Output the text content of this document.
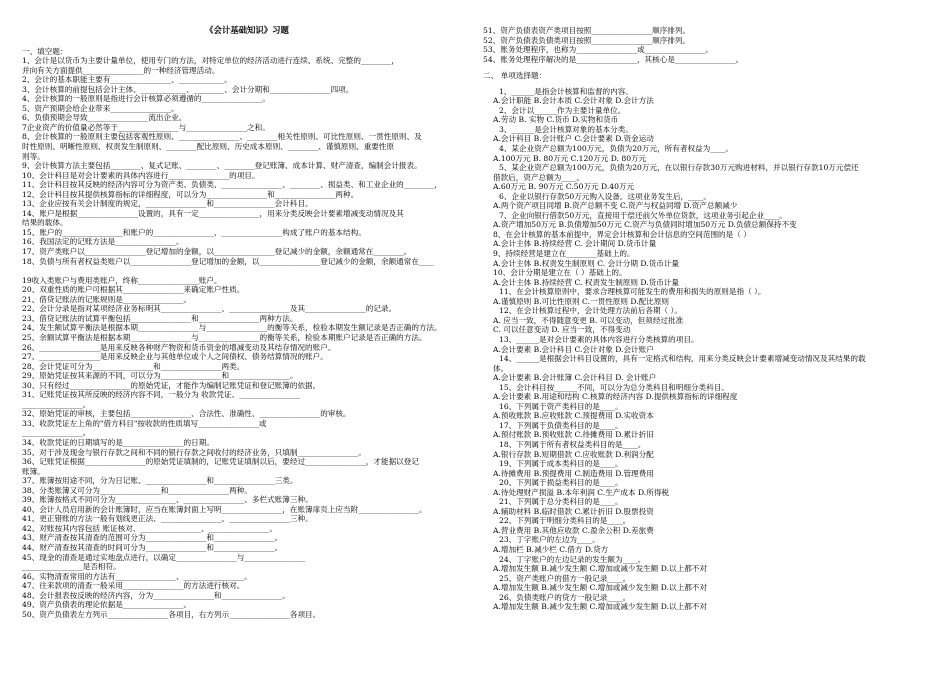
《会计基础知识》习题
一、填空题：
1、会计是以货币为主要计量单位，使用专门的方法，对特定单位的经济活动进行连续、系统、完整的________，
并向有关方面提供________________的一种经济管理活动。
2、会计的基本职能主要有________________、____________。
3、会计核算的前提包括会计主体、____________、________、会计分期和________________四项。
4、会计核算的一般原则是指进行会计核算必须遵循的________________。
5、资产预期会给企业带来________________。
6、负债预期会导致________________流出企业。
7企业资产的价值量必然等于________________与________________之和。
8、会计核算的一般原则主要包括客观性原则、________________、________相关性原则、可比性原则、一贯性原则、及
时性原则、明晰性原则、权责发生制原则、________配比原则、历史成本原则、________、谨慎原则、重要性原
则等。
9、会计核算方法主要包括________、复式记账、________、________登记账簿、成本计算、财产清查，编制会计报表。
10、会计科目是对会计要素的具体内容进行________________的项目。
11、会计科目按其反映的经济内容可分为资产类、负债类、________________、________、损益类、和工业企业的________，
12、会计科目按其提供核算指标的详细程度，可以分为________________和________________两种。
13、企业应按有关会计制度的规定，________________和________________会计科目。
14、账户是根据________________设置的，具有一定________________，用来分类反映会计要素增减变动情况及其
结果的载体。
15、账户的________________和账户的________________、________________构成了账户的基本结构。
16、我国法定的记账方法是________________。
17、资产类账户以________________登记增加的金额，以________________登记减少的金额，余额通常在________。
18、负债与所有者权益类账户以________________登记增加的金额，以________________登记减少的金额，余额通常在____

19收入类账户与费用类账户，终称________________账户。
20、双重性质的账户可根据其________________来确定账户性质。
21、借贷记账法的记账规则是________________。
22、会计分录是指对某项经济业务标明其________________、________________及其________________的记录。
23、借贷记账法的试算平衡包括________________和________________两种方法。
24、发生额试算平衡法是根据本期________________与________________的衡等关系，检验本期发生额记录是否正确的方法。
25、余额试算平衡法是根据本期________________与________________的衡等关系，检验本期账户记录是否正确的方法。
26、________________是用来反映各种财产物资和货币资金的增减变动及其结存情况的账户。
27、________________是用来反映企业与其他单位或个人之间债权、债务结算情况的账户。
28、会计凭证可分为________________和________________两类。
29、原始凭证按其来源的不同，可以分为________________和________________。
30、只有经过________________的原始凭证，才能作为编制记账凭证和登记账簿的依据。
31、记账凭证按其所反映的经济内容不同，一般分为 收款凭证、________________
________________。
32、原始凭证的审核，主要包括________________、合法性、准确性、________________的审核。
33、收款凭证左上角的"借方科目"按收款的性质填写________________或
________________。
34、收款凭证的日期填写的是________________的日期。
35、对于涉及现金与银行存款之间和不同的银行存款之间收付的经济业务，只填制________________。
36、记账凭证根据________________的原始凭证填制的，记账凭证填制以后，要经过________________，才能据以登记
账簿。
37、账簿按用途不同，分为日记账、________________和________________三类。
38、分类账簿又可分为________________和________________两种。
39、账簿按格式不同可分为________________、________________、多栏式账簿三种。
40、会计人员启用新的会计账簿时，应当在账簿封面上写明________________，在账簿扉页上应当附________________。
41、更正错账的方法一般有划线更正法、________________、________________三种。
42、对账按其内容包括 账证核对、________________、________________。
43、财产清查按其清查的范围可分为________________和________________。
44、财产清查按其清查的时间可分为________________和________________。
45、现金的清查是通过实地盘点进行，以确定________________与________________
________________是否相符。
46、实物清查常用的方法有________________、________________。
47、往来款项的清查一般采用________________的方法进行核对。
48、会计报表按反映的经济内容，分为________________和________________。
49、资产负债表的理论依据是________________。
50、资产负债表左方列示________________各项目，右方列示________________各项目。
51、资产负债表资产类项目按照________________顺序排列。
52、资产负债表负债类项目按照________________顺序排列。
53、账务处理程序，也称为________________或________________。
54、账务处理程序解决的是________________，其核心是________________。
二、 单项选择题：
1、______是指会计核算和监督的内容。
A.会计职能 B.会计本质 C.会计对象 D.会计方法
2、会计以______作为主要计量单位。
A.劳动 B. 实物 C.货币 D.实物和货币
3、______是会计核算对象的基本分类。
A.会计科目 B.会计账户 C.会计要素 D.资金运动
4、某企业资产总额为100万元，负债为20万元，所有者权益为____。
A.100万元 B. 80万元 C.120万元 D. 80万元
5、某企业资产总额为100万元，负债为20万元，在以银行存款30万元购进材料，并以银行存款10万元偿还
借款后，资产总额为____。
A.60万元 B. 90万元 C.50万元 D.40万元
6、企业以银行存款50万元购入设备。这项业务发生后，____。
A.两个资产项目同增 B.资产总额不变 C.资产与权益同增 D.资产总额减少
7、企业向银行借款50万元，直接用于偿还前欠外单位货款，这项业务引起企业____。
A.资产增加50万元 B.负债增加50万元 C.资产与负债同时增加50万元 D.负债总额保持不变
8、在会计核算的基本前提中，界定会计核算和会计信息的空间范围的是（ ）
A.会计主体 B.持续经营 C. 会计期间 D.货币计量
9、持续经营是建立在________基础上的。
A.会计主体 B.权责发生制原则 C. 会计分期 D.货币计量
10、会计分期是建立在（ ）基础上的。
A.会计主体 B.持续经营 C. 权责发生制原则 D.货币计量
11、在会计核算原则中，要求合理核算可能发生的费用和损失的原则是指（ ）。
A.谨慎原则 B.可比性原则 C.一贯性原则 D.配比原则
12、在会计核算过程中，会计处理方法前后各期（ ）。
A. 应当一致，不得随意变更 B. 可以变动，但须经过批准
C. 可以任意变动 D. 应当一致，不得变动
13、______是对会计要素的具体内容进行分类核算的项目。
A.会计要素 B.会计科目 C.会计对象 D.会计账户
14、______是根据会计科目设置的，具有一定格式和结构，用来分类反映会计要素增减变动情况及其结果的载
体。
A.会计要素 B.会计账簿 C.会计科目 D. 会计账户
15、会计科目按______不同，可以分为总分类科目和明细分类科目。
A.会计要素 B.用途和结构 C.核算的经济内容 D.提供核算指标的详细程度
16、下列属于资产类科目的是____。
A.预收账款 B.应收账款 C.预提费用 D.实收资本
17、下列属于负债类科目的是____。
A.预付账款 B.预收账款 C.待摊费用 D.累计折旧
18、下列属于所有者权益类科目的是____。
A.银行存款 B.短期借款 C.应收账款 D.利润分配
19、下列属于成本类科目的是____。
A.待摊费用 B.预提费用 C.制造费用 D.管理费用
20、下列属于损益类科目的是____。
A.待处理财产损溢 B.本年利润 C.生产成本 D.所得税
21、下列属于总分类科目的是____。
A.辅助材料 B.临时借款 C.累计折旧 D.股票投资
22、下列属于明细分类科目的是____。
A.营业费用 B.其他应收款 C.盈余公积 D.差旅费
23、丁字账户的左边为____。
A.增加栏 B.减少栏 C.借方 D.贷方
24、丁字账户的左边记录的发生额为____。
A.增加发生额 B.减少发生额 C.增加或减少发生额 D.以上都不对
25、资产类账户的借方一般记录____。
A.增加发生额 B.减少发生额 C.增加或减少发生额 D.以上都不对
26、负债类账户的贷方一般记录____。
A.增加发生额 B.减少发生额 C.增加或减少发生额 D.以上都不对
